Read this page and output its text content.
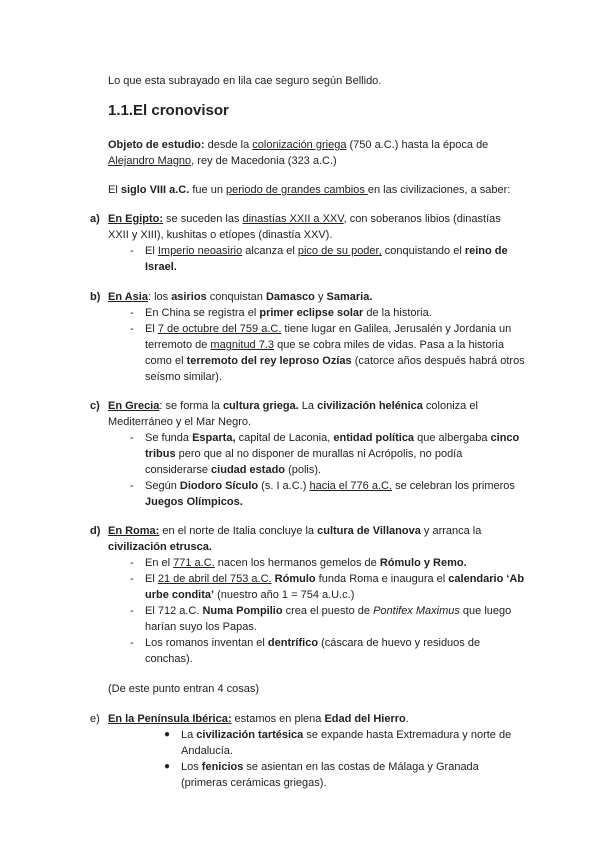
Lo que esta subrayado en lila cae seguro según Bellido.
1.1.El cronovisor
Objeto de estudio: desde la colonización griega (750 a.C.) hasta la época de
Alejandro Magno, rey de Macedonia (323 a.C.)
El siglo VIII a.C. fue un periodo de grandes cambios en las civilizaciones, a saber:
a) En Egipto: se suceden las dinastías XXII a XXV, con soberanos libios (dinastías
XXII y XIII), kushitas o etíopes (dinastía XXV).
- El Imperio neoasirio alcanza el pico de su poder, conquistando el reino de
Israel.
b) En Asia: los asirios conquistan Damasco y Samaria.
- En China se registra el primer eclipse solar de la historia.
- El 7 de octubre del 759 a.C. tiene lugar en Galilea, Jerusalén y Jordania un
terremoto de magnitud 7.3 que se cobra miles de vidas. Pasa a la historia
como el terremoto del rey leproso Ozías (catorce años después habrá otros
seísmo similar).
c) En Grecia: se forma la cultura griega. La civilización helénica coloniza el
Mediterráneo y el Mar Negro.
- Se funda Esparta, capital de Laconia, entidad política que albergaba cinco
tribus pero que al no disponer de murallas ni Acrópolis, no podía
considerarse ciudad estado (polis).
- Según Diodoro Sículo (s. I a.C.) hacia el 776 a.C. se celebran los primeros
Juegos Olímpicos.
d) En Roma: en el norte de Italia concluye la cultura de Villanova y arranca la
civilización etrusca.
- En el 771 a.C. nacen los hermanos gemelos de Rómulo y Remo.
- El 21 de abril del 753 a.C. Rómulo funda Roma e inaugura el calendario ‘Ab
urbe condita’ (nuestro año 1 = 754 a.U.c.)
- El 712 a.C. Numa Pompilio crea el puesto de Pontifex Maximus que luego
harían suyo los Papas.
- Los romanos inventan el dentrífico (cáscara de huevo y residuos de
conchas).
(De este punto entran 4 cosas)
e) En la Península Ibérica: estamos en plena Edad del Hierro.
● La civilización tartésica se expande hasta Extremadura y norte de
Andalucía.
● Los fenicios se asientan en las costas de Málaga y Granada
(primeras cerámicas griegas).
